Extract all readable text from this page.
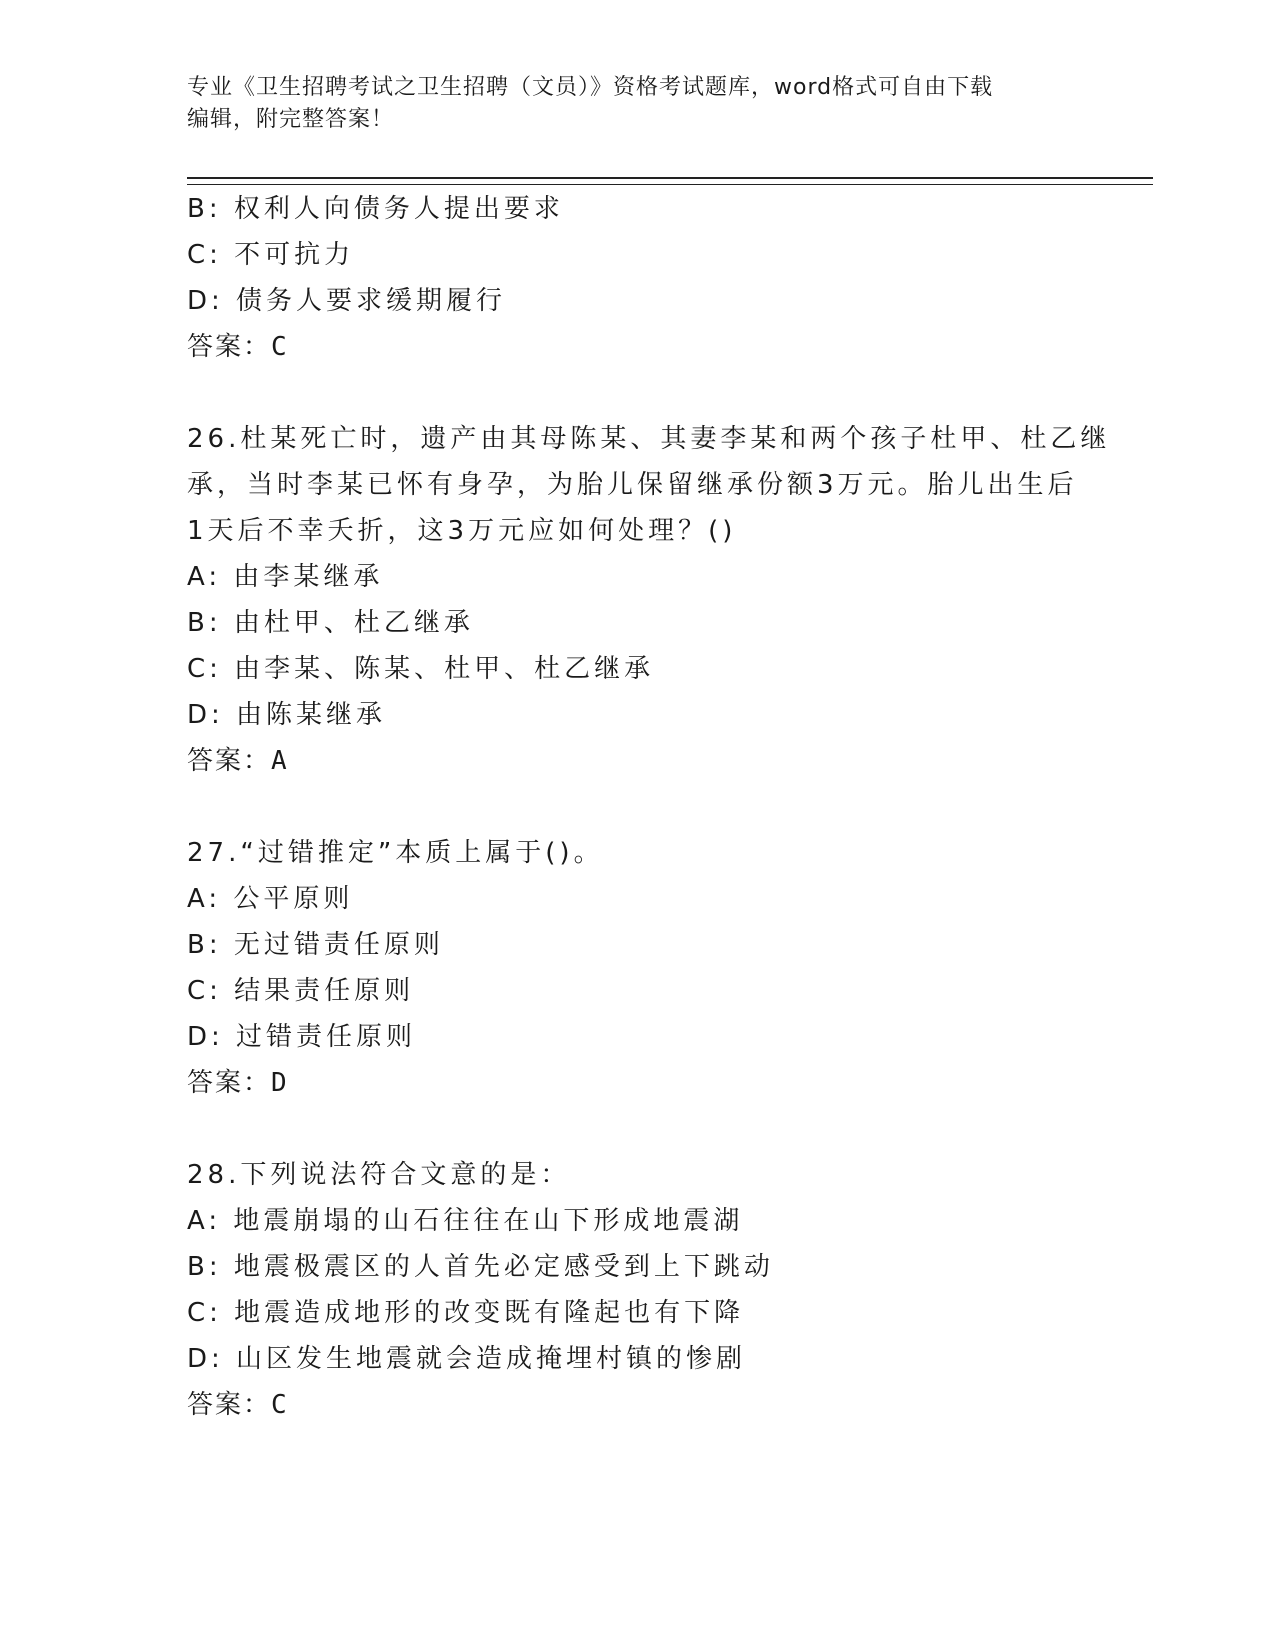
专业《卫生招聘考试之卫生招聘（文员）》资格考试题库，word格式可自由下载
编辑，附完整答案！
B: 权利人向债务人提出要求
C: 不可抗力
D: 债务人要求缓期履行
答案：C
26.杜某死亡时，遗产由其母陈某、其妻李某和两个孩子杜甲、杜乙继
承，当时李某已怀有身孕，为胎儿保留继承份额3万元。胎儿出生后
1天后不幸夭折，这3万元应如何处理？()
A: 由李某继承
B: 由杜甲、杜乙继承
C: 由李某、陈某、杜甲、杜乙继承
D: 由陈某继承
答案：A
27.“过错推定”本质上属于()。
A: 公平原则
B: 无过错责任原则
C: 结果责任原则
D: 过错责任原则
答案：D
28.下列说法符合文意的是：
A: 地震崩塌的山石往往在山下形成地震湖
B: 地震极震区的人首先必定感受到上下跳动
C: 地震造成地形的改变既有隆起也有下降
D: 山区发生地震就会造成掩埋村镇的惨剧
答案：C
